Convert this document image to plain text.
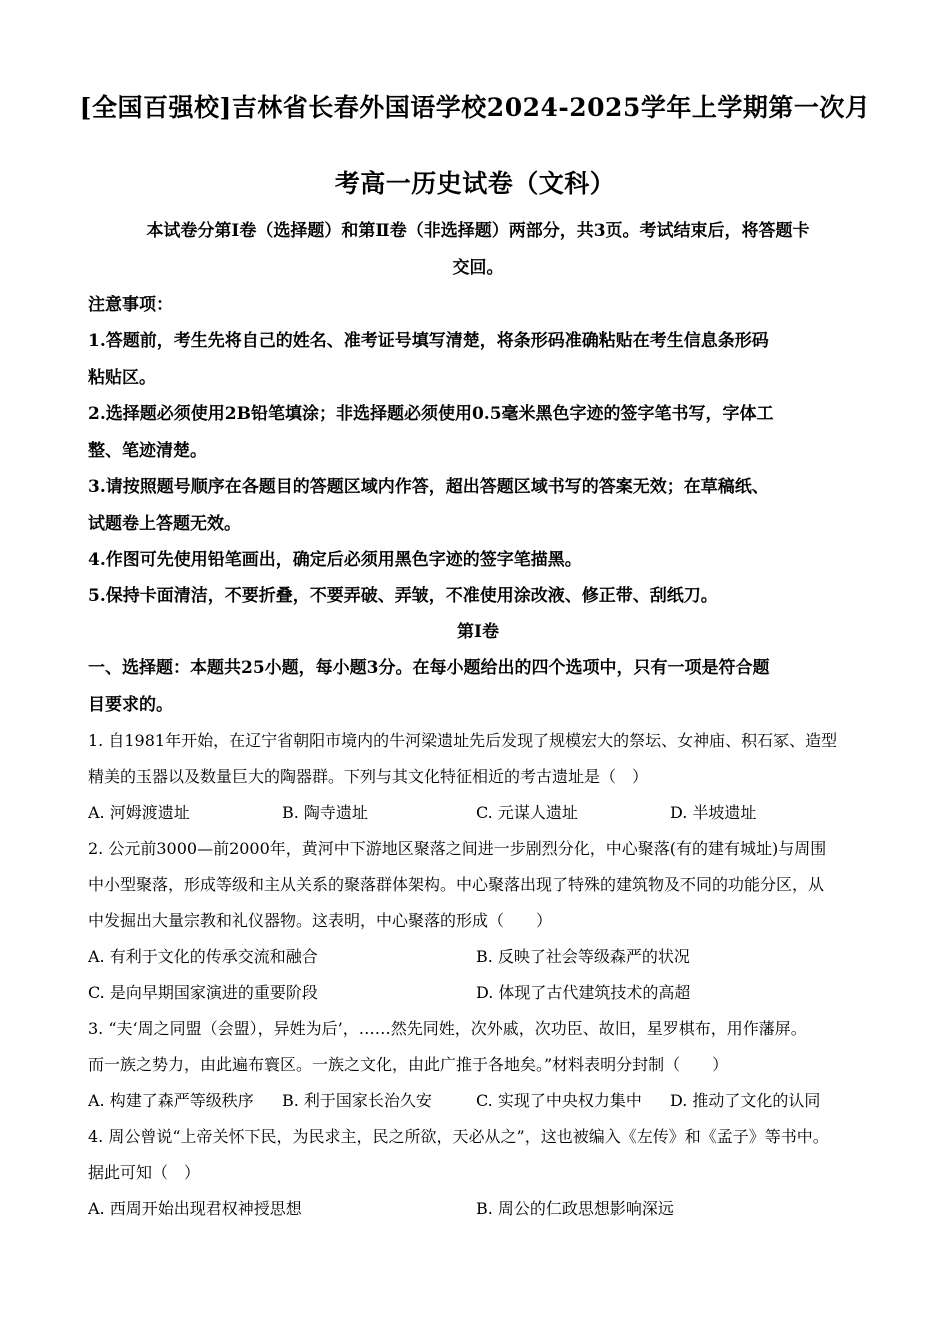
[全国百强校]吉林省长春外国语学校2024-2025学年上学期第一次月
考高一历史试卷（文科）
本试卷分第Ⅰ卷（选择题）和第Ⅱ卷（非选择题）两部分，共3页。考试结束后，将答题卡
交回。
注意事项：
1.答题前，考生先将自己的姓名、准考证号填写清楚，将条形码准确粘贴在考生信息条形码
粘贴区。
2.选择题必须使用2B铅笔填涂；非选择题必须使用0.5毫米黑色字迹的签字笔书写，字体工
整、笔迹清楚。
3.请按照题号顺序在各题目的答题区域内作答，超出答题区域书写的答案无效；在草稿纸、
试题卷上答题无效。
4.作图可先使用铅笔画出，确定后必须用黑色字迹的签字笔描黑。
5.保持卡面清洁，不要折叠，不要弄破、弄皱，不准使用涂改液、修正带、刮纸刀。
第Ⅰ卷
一、选择题：本题共25小题，每小题3分。在每小题给出的四个选项中，只有一项是符合题
目要求的。
1. 自1981年开始，在辽宁省朝阳市境内的牛河梁遗址先后发现了规模宏大的祭坛、女神庙、积石冢、造型
精美的玉器以及数量巨大的陶器群。下列与其文化特征相近的考古遗址是（　）
A. 河姆渡遗址	B. 陶寺遗址	C. 元谋人遗址	D. 半坡遗址
2. 公元前3000—前2000年，黄河中下游地区聚落之间进一步剧烈分化，中心聚落(有的建有城址)与周围
中小型聚落，形成等级和主从关系的聚落群体架构。中心聚落出现了特殊的建筑物及不同的功能分区，从
中发掘出大量宗教和礼仪器物。这表明，中心聚落的形成（　　）
A. 有利于文化的传承交流和融合	B. 反映了社会等级森严的状况
C. 是向早期国家演进的重要阶段	D. 体现了古代建筑技术的高超
3. “夫‘周之同盟（会盟），异姓为后’，……然先同姓，次外戚，次功臣、故旧，星罗棋布，用作藩屏。
而一族之势力，由此遍布寰区。一族之文化，由此广推于各地矣。”材料表明分封制（　　）
A. 构建了森严等级秩序 B. 利于国家长治久安	C. 实现了中央权力集中 D. 推动了文化的认同
4. 周公曾说“上帝关怀下民，为民求主，民之所欲，天必从之”，这也被编入《左传》和《孟子》等书中。
据此可知（　）
A. 西周开始出现君权神授思想	B. 周公的仁政思想影响深远
